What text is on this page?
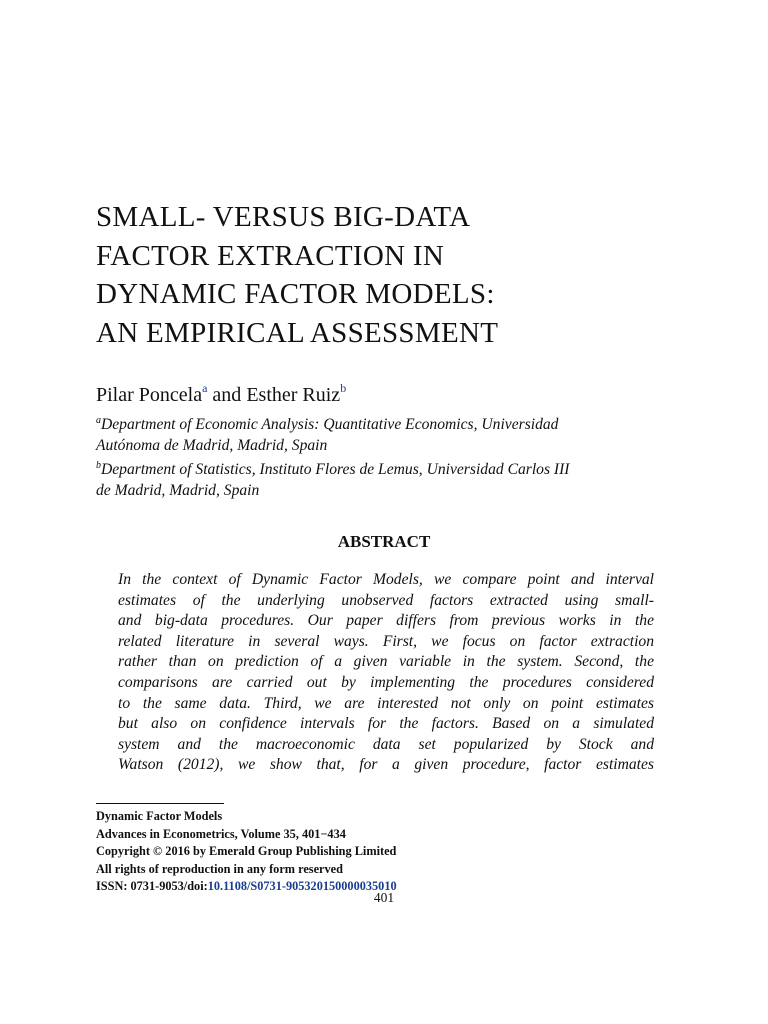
SMALL- VERSUS BIG-DATA
FACTOR EXTRACTION IN
DYNAMIC FACTOR MODELS:
AN EMPIRICAL ASSESSMENT
Pilar Poncela$^a$ and Esther Ruiz$^b$
$^a$Department of Economic Analysis: Quantitative Economics, Universidad
Autónoma de Madrid, Madrid, Spain
$^b$Department of Statistics, Instituto Flores de Lemus, Universidad Carlos III
de Madrid, Madrid, Spain
ABSTRACT
In the context of Dynamic Factor Models, we compare point and interval
estimates of the underlying unobserved factors extracted using small-
and big-data procedures. Our paper differs from previous works in the
related literature in several ways. First, we focus on factor extraction
rather than on prediction of a given variable in the system. Second, the
comparisons are carried out by implementing the procedures considered
to the same data. Third, we are interested not only on point estimates
but also on confidence intervals for the factors. Based on a simulated
system and the macroeconomic data set popularized by Stock and
Watson (2012), we show that, for a given procedure, factor estimates
Dynamic Factor Models
Advances in Econometrics, Volume 35, 401−434
Copyright © 2016 by Emerald Group Publishing Limited
All rights of reproduction in any form reserved
ISSN: 0731-9053/doi:10.1108/S0731-905320150000035010
401
